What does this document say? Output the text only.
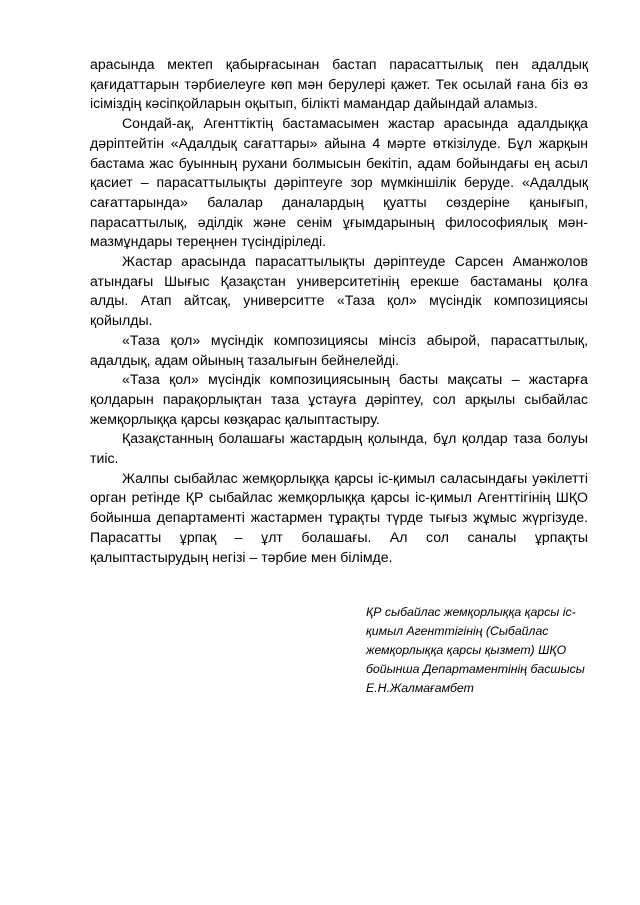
арасында мектеп қабырғасынан бастап парасаттылық пен адалдық қағидаттарын тәрбиелеуге көп мән берулері қажет. Тек осылай ғана біз өз ісіміздің кәсіпқойларын оқытып, білікті мамандар дайындай аламыз.

Сондай-ақ, Агенттіктің бастамасымен жастар арасында адалдыққа дәріптейтін «Адалдық сағаттары» айына 4 мәрте өткізілуде. Бұл жарқын бастама жас буынның рухани болмысын бекітіп, адам бойындағы ең асыл қасиет – парасаттылықты дәріптеуге зор мүмкіншілік беруде. «Адалдық сағаттарында» балалар даналардың қуатты сөздеріне қанығып, парасаттылық, әділдік және сенім ұғымдарының философиялық мән-мазмұндары тереңнен түсіндіріледі.

Жастар арасында парасаттылықты дәріптеуде Сарсен Аманжолов атындағы Шығыс Қазақстан университетінің ерекше бастаманы қолға алды. Атап айтсақ, университте «Таза қол» мүсіндік композициясы қойылды.

«Таза қол» мүсіндік композициясы мінсіз абырой, парасаттылық, адалдық, адам ойының тазалығын бейнелейді.

«Таза қол» мүсіндік композициясының басты мақсаты – жастарға қолдарын парақорлықтан таза ұстауға дәріптеу, сол арқылы сыбайлас жемқорлыққа қарсы көзқарас қалыптастыру.

Қазақстанның болашағы жастардың қолында, бұл қолдар таза болуы тиіс.

Жалпы сыбайлас жемқорлыққа қарсы іс-қимыл саласындағы уәкілетті орган ретінде ҚР сыбайлас жемқорлыққа қарсы іс-қимыл Агенттігінің ШҚО бойынша департаменті жастармен тұрақты түрде тығыз жұмыс жүргізуде. Парасатты ұрпақ – ұлт болашағы. Ал сол саналы ұрпақты қалыптастырудың негізі – тәрбие мен білімде.

ҚР сыбайлас жемқорлыққа қарсы іс-қимыл Агенттігінің (Сыбайлас жемқорлыққа қарсы қызмет) ШҚО бойынша Департаментінің басшысы Е.Н.Жалмағамбет
